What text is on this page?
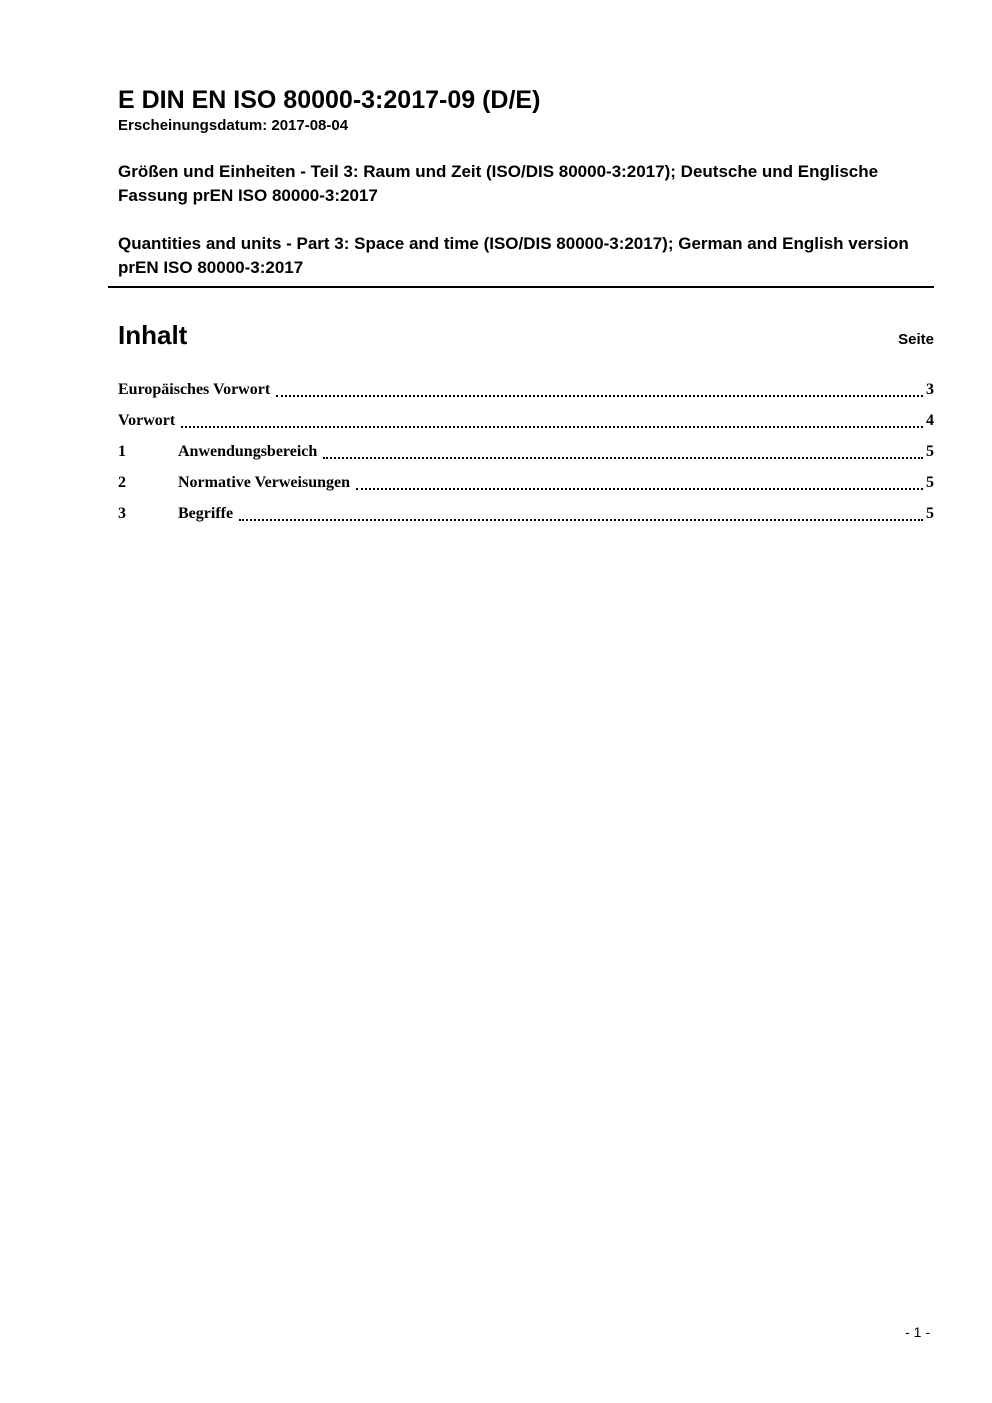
E DIN EN ISO 80000-3:2017-09 (D/E)
Erscheinungsdatum: 2017-08-04
Größen und Einheiten - Teil 3: Raum und Zeit (ISO/DIS 80000-3:2017); Deutsche und Englische Fassung prEN ISO 80000-3:2017
Quantities and units - Part 3: Space and time (ISO/DIS 80000-3:2017); German and English version prEN ISO 80000-3:2017
Inhalt	Seite
Europäisches Vorwort	3
Vorwort	4
1	Anwendungsbereich	5
2	Normative Verweisungen	5
3	Begriffe	5
- 1 -
